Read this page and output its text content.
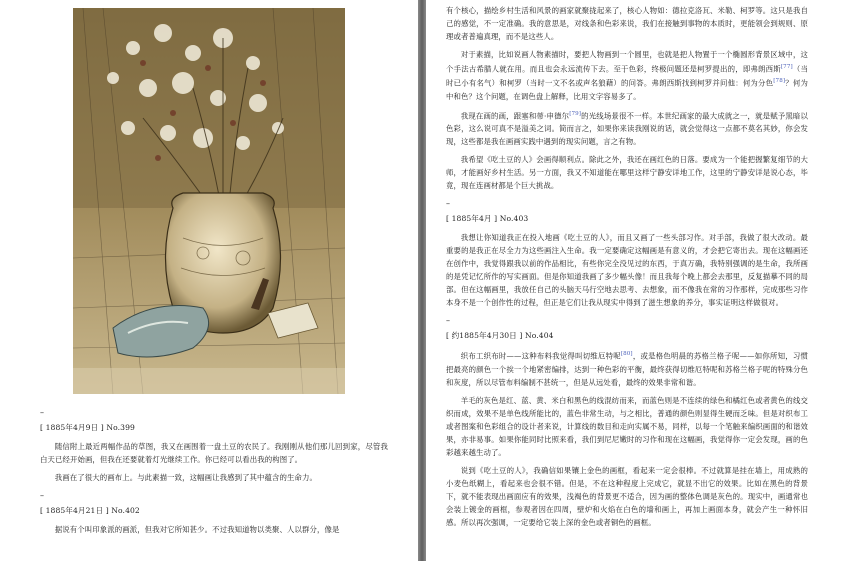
–
[ 1885年4月9日 ] No.399

随信附上最近两幅作品的草图，我又在画围着一盘土豆的农民了。我刚刚从他们那儿回到家，尽管我白天已经开始画，但我在还要就着灯光继续工作。你已经可以看出我的构图了。

我画在了很大的画布上。与此素描一致，这幅画让我感到了其中蕴含的生命力。

–
[ 1885年4月21日 ] No.402

据说有个叫印象派的画派，但我对它所知甚少。不过我知道物以类聚、人以群分，像是

有个核心，描绘乡村生活和风景的画家就聚拢起来了，核心人物如：德拉克洛瓦、米勒、柯罗等。这只是我自己的感觉，不一定准确。我的意思是，对线条和色彩来说，我们在接触到事物的本质时，更能领会到规则、原理或者普遍真理，而不是这些人。

对于素描，比如说画人物素描时，要把人物画到一个圆里，也就是把人物置于一个椭圆形背景区域中，这个手法古希腊人就在用。而且也会永远流传下去。至于色彩，终极问题还是柯罗提出的，即弗朗西斯[77]（当时已小有名气）和柯罗（当时一文不名或声名狼藉）的问答。弗朗西斯找到柯罗并问他：何为分色[78]？何为中和色？这个问题，在调色盘上解释，比用文字容易多了。

我现在画的画，跟塞和蒂·申德尔[79]的光线场景很不一样。本世纪画家的最大成就之一，就是赋予黑暗以色彩，这么说可真不是溢美之词。简而言之，如果你来读我刚说的话，就会觉得这一点都不莫名其妙，你会发现，这些都是我在画画实践中遇到的现实问题，言之有物。

我希望《吃土豆的人》会画得顺利点。除此之外，我还在画红色的日落。要成为一个能把握繁复细节的大师，才能画好乡村生活。另一方面，我又不知道能在哪里这样宁静安详地工作，这里的宁静安详是说心态，毕竟，现在连画材都是个巨大挑战。

–
[ 1885年4月 ] No.403

我想让你知道我正在投入地画《吃土豆的人》，而且又画了一些头部习作。对手部，我做了很大改动。最重要的是我正在尽全力为这些画注入生命。我一定要确定这幅画是有意义的，才会把它寄出去。现在这幅画还在创作中，我觉得跟我以前的作品相比，有些你完全没见过的东西，于真万确，我特别强调的是生命，我所画的是凭记忆所作的写实画面。但是你知道我画了多少幅头像！而且我每个晚上都会去那里，反复描摹不同的局部。但在这幅画里，我放任自己的头脑天马行空地去思考、去想象，而不像我在常的习作那样，完成那些习作本身不是一个创作性的过程，但正是它们让我从现实中得到了滋生想象的养分，事实证明这样做很对。

–
[ 约1885年4月30日 ] No.404

织布工织布时——这种布料我觉得叫切维厄特呢[80]，或是格色明晨的苏格兰格子呢——如你所知，习惯把最亮的颜色一个挨一个地紧密编排，达到一种色彩的平衡，最终获得切维厄特呢和苏格兰格子呢的特殊分色和灰度，所以尽管布料编制不甚统一，但是从远处看，最终的效果非常和谐。

羊毛的灰色是红、蓝、黄、米白和黑色的线混纺而来，而蓝色则是不连续的绿色和橘红色或者黄色的线交织而成，效果不是单色线所能比的，蓝色非常生动，与之相比，普通的颜色则显得生硬而乏味。但是对织布工或者图案和色彩组合的设计者来说，计算线的数目和走向实属不易，同样，以每一个笔触来编织画面的和谐效果，亦非易事。如果你能同时比照来看，我们到尼尼嫩时的习作和现在这幅画，我觉得你一定会发现，画的色彩越来越生动了。

说到《吃土豆的人》，我确信如果镶上金色的画框，看起来一定会很棒。不过就算是挂在墙上，用成熟的小麦色纸糊上，看起来也会很不错。但是，不在这种程度上完成它，就显不出它的效果。比如在黑色的背景下，就不能表现出画面应有的效果，浅褐色的背景更不适合，因为画的整体色调是灰色的。现实中，画通常也会装上镀金的画框，参观者因在四周，壁炉和火焰在白色的墙和画上，再加上画面本身，就会产生一种怀旧感。所以再次强调，一定要给它装上深的金色或者铜色的画框。
